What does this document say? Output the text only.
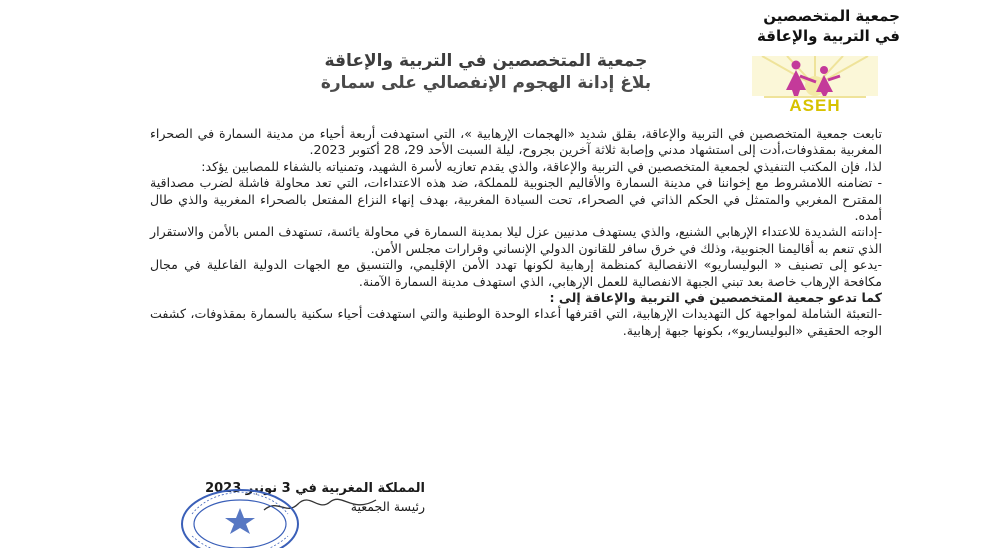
جمعية المتخصصين
في التربية والإعاقة
جمعية المتخصصين في التربية والإعاقة
بلاغ إدانة الهجوم الإنفصالي على سمارة
ASEH

تابعت جمعية المتخصصين في التربية والإعاقة، بقلق شديد «الهجمات الإرهابية »، التي استهدفت أربعة أحياء من مدينة السمارة في الصحراء المغربية بمقذوفات،أدت إلى استشهاد مدني وإصابة ثلاثة آخرين بجروح، ليلة السبت الأحد 29، 28 أكتوبر 2023.

لذا، فإن المكتب التنفيذي لجمعية المتخصصين في التربية والإعاقة، والذي يقدم تعازيه لأسرة الشهيد، وتمنياته بالشفاء للمصابين يؤكد:

- تضامنه اللامشروط مع إخواننا في مدينة السمارة والأقاليم الجنوبية للمملكة، ضد هذه الاعتداءات، التي تعد محاولة فاشلة لضرب مصداقية المقترح المغربي والمتمثل في الحكم الذاتي في الصحراء، تحت السيادة المغربية، بهدف إنهاء النزاع المفتعل بالصحراء المغربية والذي طال أمده.

-إدانته الشديدة للاعتداء الإرهابي الشنيع، والذي يستهدف مدنيين عزل ليلا بمدينة السمارة في محاولة يائسة، تستهدف المس بالأمن والاستقرار الذي تنعم به أقاليمنا الجنوبية، وذلك في خرق سافر للقانون الدولي الإنساني وقرارات مجلس الأمن.

-يدعو إلى تصنيف « البوليساريو» الانفصالية كمنظمة إرهابية لكونها تهدد الأمن الإقليمي، والتنسيق مع الجهات الدولية الفاعلية في مجال مكافحة الإرهاب خاصة بعد تبني الجبهة الانفصالية للعمل الإرهابي، الذي استهدف مدينة السمارة الآمنة.

كما تدعو جمعية المتخصصين في التربية والإعاقة إلى :

-التعبئة الشاملة لمواجهة كل التهديدات الإرهابية، التي اقترفها أعداء الوحدة الوطنية والتي استهدفت أحياء سكنية بالسمارة بمقذوفات، كشفت الوجه الحقيقي «البوليساريو»، بكونها جبهة إرهابية.

المملكة المغربية في 3 نونبر 2023
رئيسة الجمعية
